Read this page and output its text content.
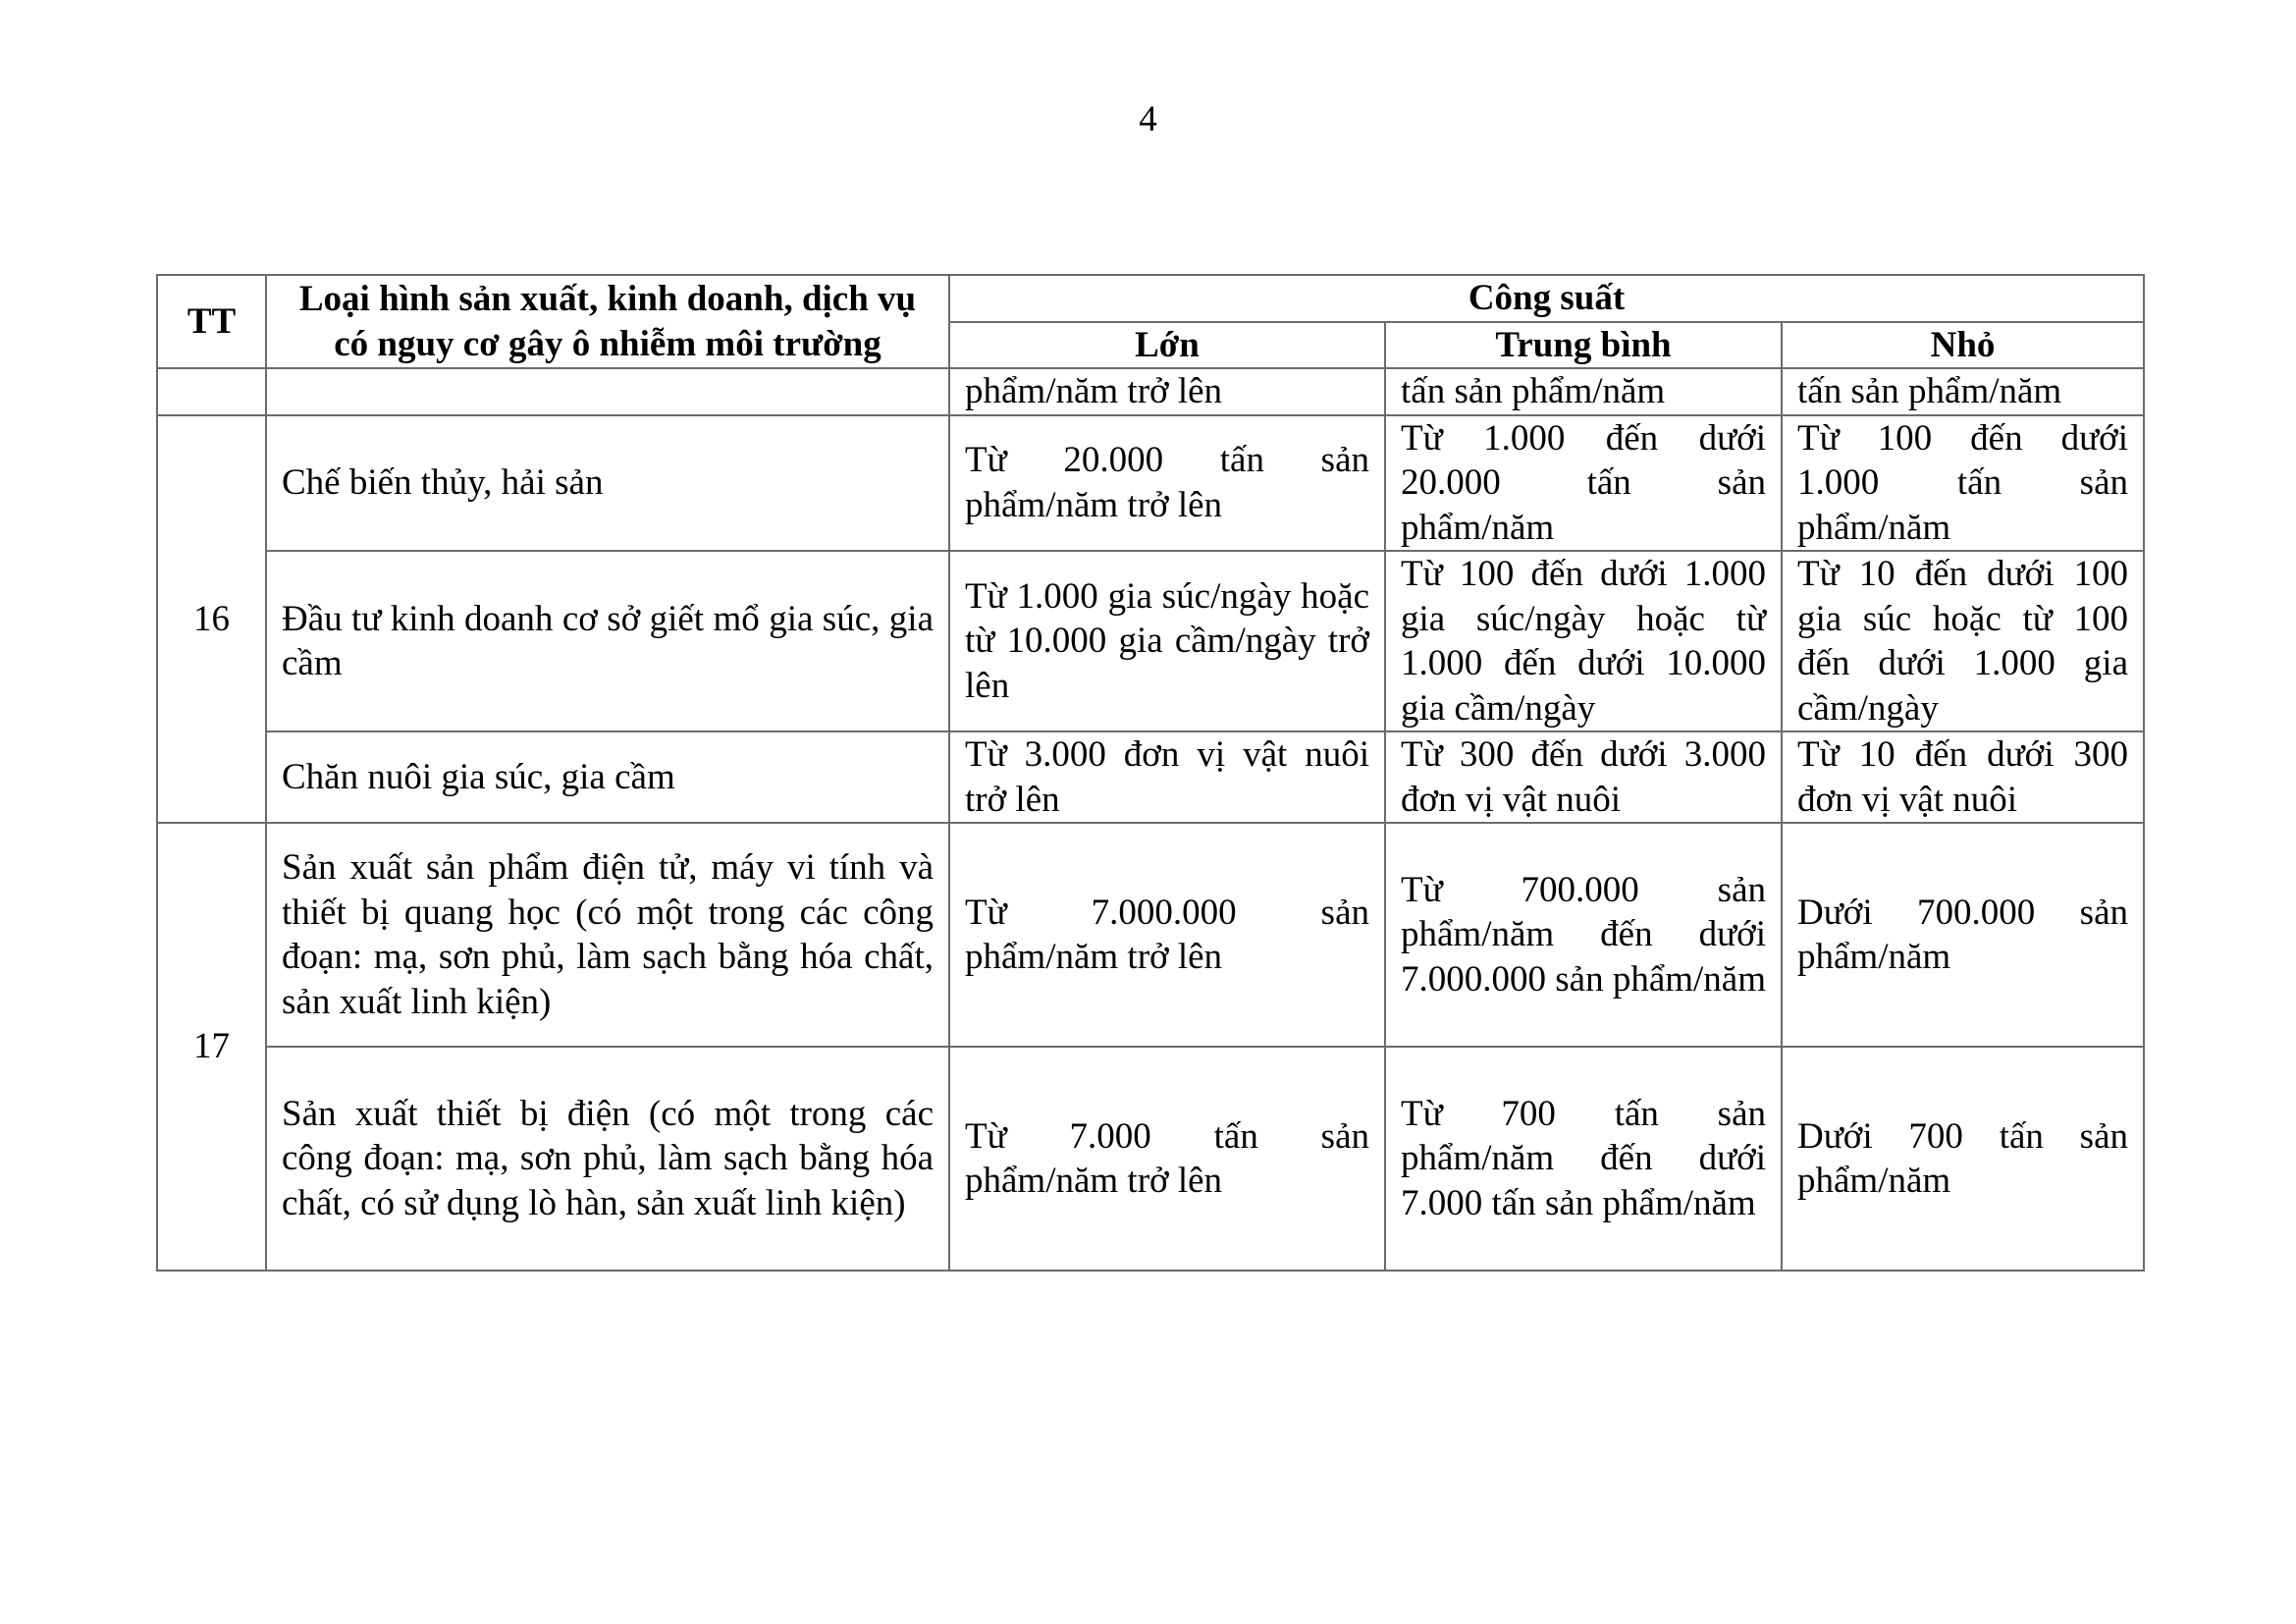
4
TT	Loại hình sản xuất, kinh doanh, dịch vụ có nguy cơ gây ô nhiễm môi trường	Công suất		
		Lớn	Trung bình	Nhỏ
		phẩm/năm trở lên	tấn sản phẩm/năm	tấn sản phẩm/năm
16	Chế biến thủy, hải sản	Từ 20.000 tấn sản phẩm/năm trở lên	Từ 1.000 đến dưới 20.000 tấn sản phẩm/năm	Từ 100 đến dưới 1.000 tấn sản phẩm/năm
	Đầu tư kinh doanh cơ sở giết mổ gia súc, gia cầm	Từ 1.000 gia súc/ngày hoặc từ 10.000 gia cầm/ngày trở lên	Từ 100 đến dưới 1.000 gia súc/ngày hoặc từ 1.000 đến dưới 10.000 gia cầm/ngày	Từ 10 đến dưới 100 gia súc hoặc từ 100 đến dưới 1.000 gia cầm/ngày
	Chăn nuôi gia súc, gia cầm	Từ 3.000 đơn vị vật nuôi trở lên	Từ 300 đến dưới 3.000 đơn vị vật nuôi	Từ 10 đến dưới 300 đơn vị vật nuôi
17	Sản xuất sản phẩm điện tử, máy vi tính và thiết bị quang học (có một trong các công đoạn: mạ, sơn phủ, làm sạch bằng hóa chất, sản xuất linh kiện)	Từ 7.000.000 sản phẩm/năm trở lên	Từ 700.000 sản phẩm/năm đến dưới 7.000.000 sản phẩm/năm	Dưới 700.000 sản phẩm/năm
	Sản xuất thiết bị điện (có một trong các công đoạn: mạ, sơn phủ, làm sạch bằng hóa chất, có sử dụng lò hàn, sản xuất linh kiện)	Từ 7.000 tấn sản phẩm/năm trở lên	Từ 700 tấn sản phẩm/năm đến dưới 7.000 tấn sản phẩm/năm	Dưới 700 tấn sản phẩm/năm
